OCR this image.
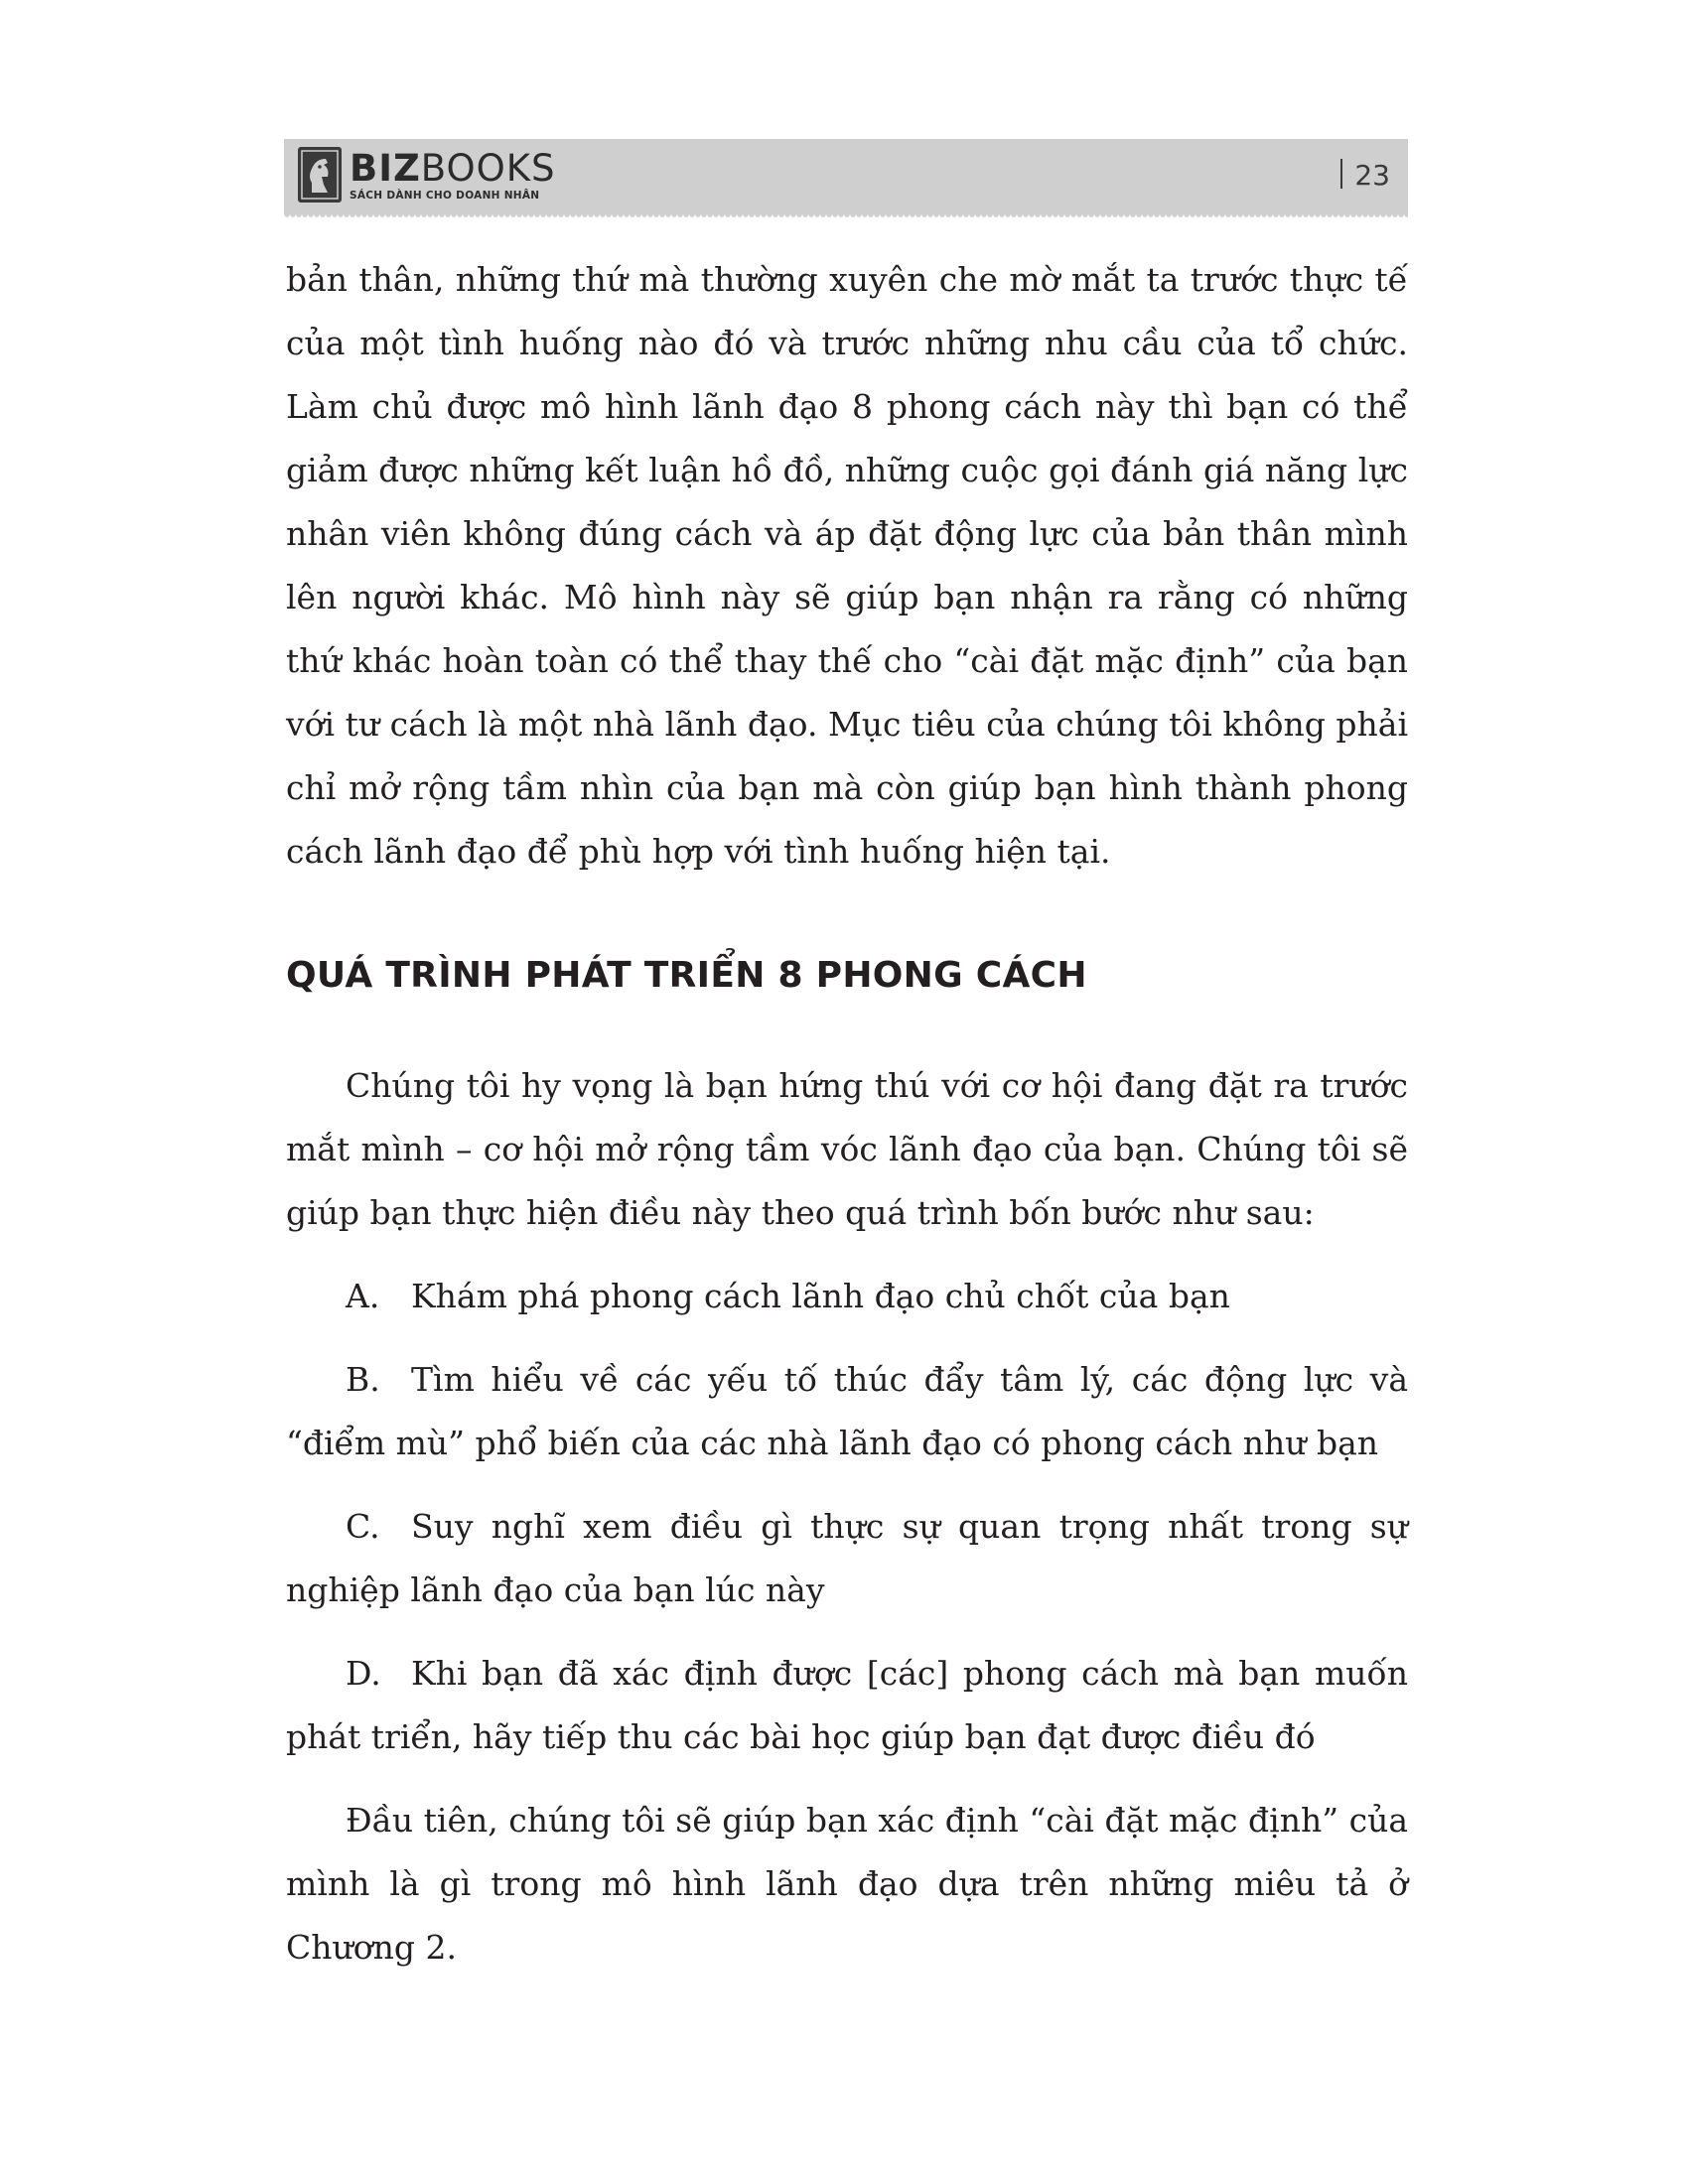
BIZBOOKS
SÁCH DÀNH CHO DOANH NHÂN
23

bản thân, những thứ mà thường xuyên che mờ mắt ta trước thực tế của một tình huống nào đó và trước những nhu cầu của tổ chức. Làm chủ được mô hình lãnh đạo 8 phong cách này thì bạn có thể giảm được những kết luận hồ đồ, những cuộc gọi đánh giá năng lực nhân viên không đúng cách và áp đặt động lực của bản thân mình lên người khác. Mô hình này sẽ giúp bạn nhận ra rằng có những thứ khác hoàn toàn có thể thay thế cho “cài đặt mặc định” của bạn với tư cách là một nhà lãnh đạo. Mục tiêu của chúng tôi không phải chỉ mở rộng tầm nhìn của bạn mà còn giúp bạn hình thành phong cách lãnh đạo để phù hợp với tình huống hiện tại.

QUÁ TRÌNH PHÁT TRIỂN 8 PHONG CÁCH

Chúng tôi hy vọng là bạn hứng thú với cơ hội đang đặt ra trước mắt mình – cơ hội mở rộng tầm vóc lãnh đạo của bạn. Chúng tôi sẽ giúp bạn thực hiện điều này theo quá trình bốn bước như sau:

A. Khám phá phong cách lãnh đạo chủ chốt của bạn

B. Tìm hiểu về các yếu tố thúc đẩy tâm lý, các động lực và “điểm mù” phổ biến của các nhà lãnh đạo có phong cách như bạn

C. Suy nghĩ xem điều gì thực sự quan trọng nhất trong sự nghiệp lãnh đạo của bạn lúc này

D. Khi bạn đã xác định được [các] phong cách mà bạn muốn phát triển, hãy tiếp thu các bài học giúp bạn đạt được điều đó

Đầu tiên, chúng tôi sẽ giúp bạn xác định “cài đặt mặc định” của mình là gì trong mô hình lãnh đạo dựa trên những miêu tả ở Chương 2.
